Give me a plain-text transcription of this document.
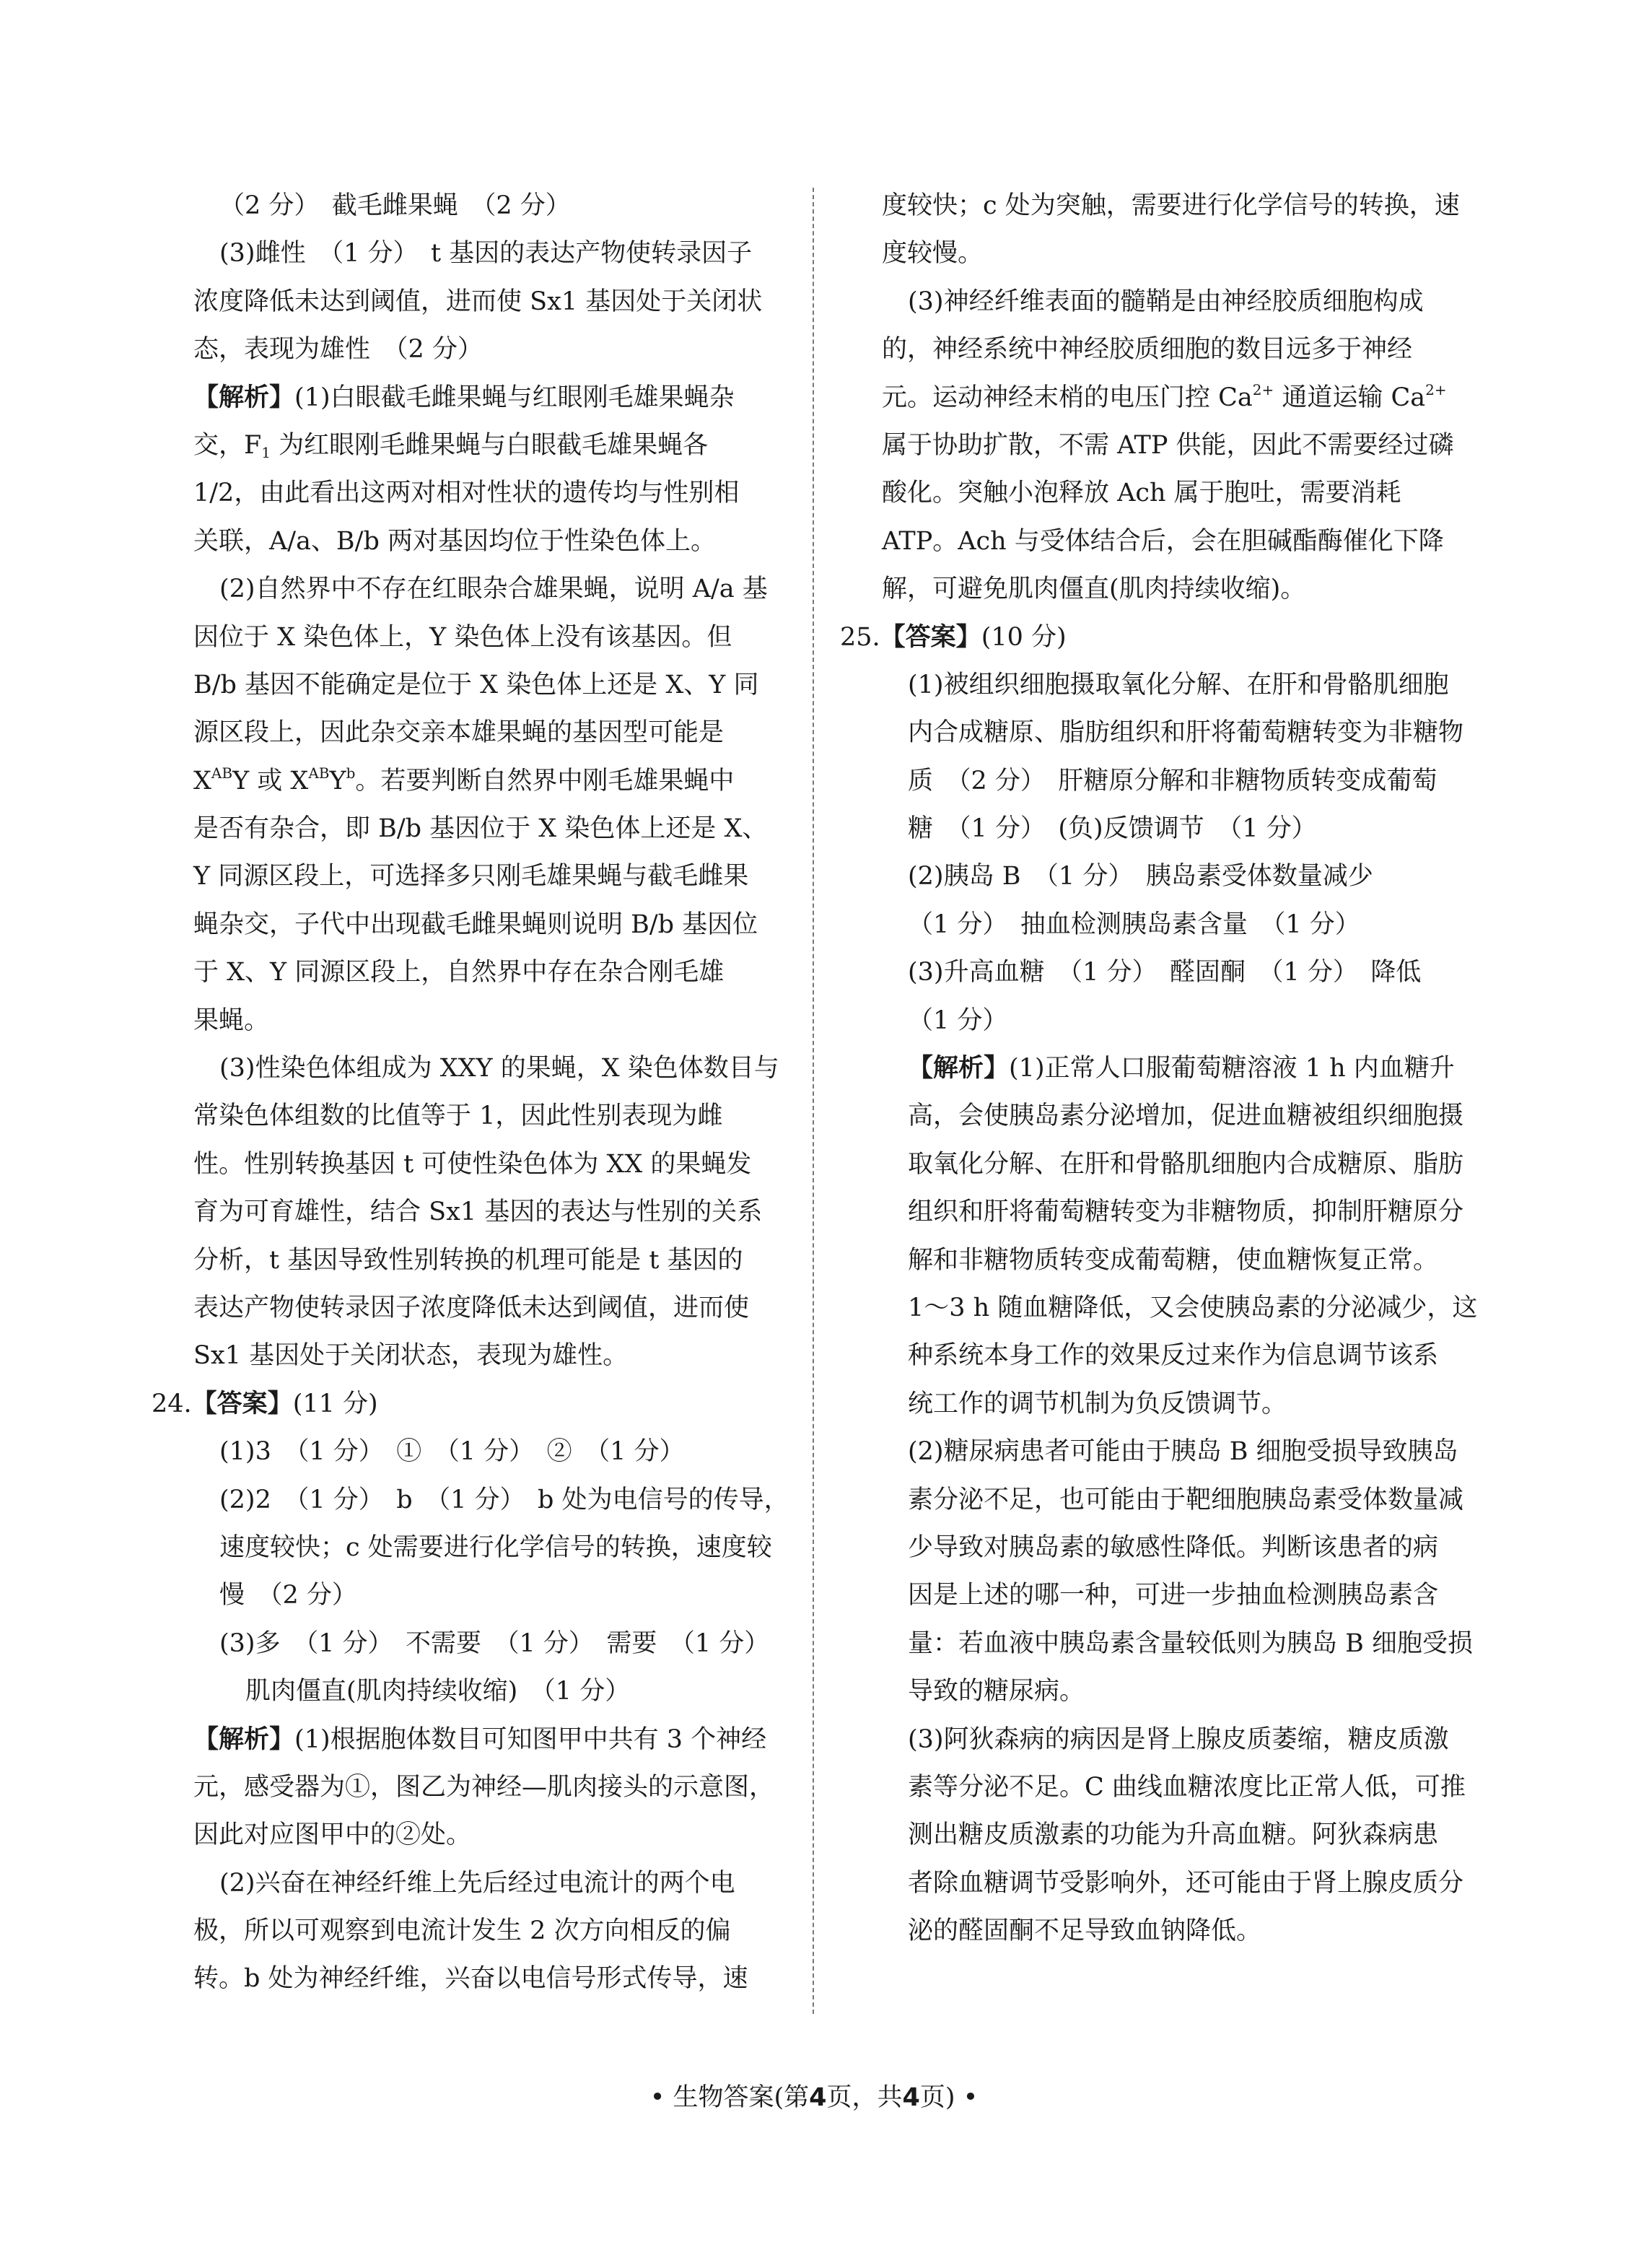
（2 分）　截毛雌果蝇　（2 分）
(3)雌性　（1 分）　t 基因的表达产物使转录因子
浓度降低未达到阈值，进而使 Sx1 基因处于关闭状
态，表现为雄性　（2 分）
【解析】(1)白眼截毛雌果蝇与红眼刚毛雄果蝇杂
交，$F_1$ 为红眼刚毛雌果蝇与白眼截毛雄果蝇各
1/2，由此看出这两对相对性状的遗传均与性别相
关联，A/a、B/b 两对基因均位于性染色体上。
(2)自然界中不存在红眼杂合雄果蝇，说明 A/a 基
因位于 X 染色体上，Y 染色体上没有该基因。但
B/b 基因不能确定是位于 X 染色体上还是 X、Y 同
源区段上，因此杂交亲本雄果蝇的基因型可能是
$X^{AB}Y$ 或 $X^{AB}Y^b$。若要判断自然界中刚毛雄果蝇中
是否有杂合，即 B/b 基因位于 X 染色体上还是 X、
Y 同源区段上，可选择多只刚毛雄果蝇与截毛雌果
蝇杂交，子代中出现截毛雌果蝇则说明 B/b 基因位
于 X、Y 同源区段上，自然界中存在杂合刚毛雄
果蝇。
(3)性染色体组成为 XXY 的果蝇，X 染色体数目与
常染色体组数的比值等于 1，因此性别表现为雌
性。性别转换基因 t 可使性染色体为 XX 的果蝇发
育为可育雄性，结合 Sx1 基因的表达与性别的关系
分析，t 基因导致性别转换的机理可能是 t 基因的
表达产物使转录因子浓度降低未达到阈值，进而使
Sx1 基因处于关闭状态，表现为雄性。
24.【答案】(11 分)
(1)3　（1 分）　①　（1 分）　②　（1 分）
(2)2　（1 分）　b　（1 分）　b 处为电信号的传导，
速度较快；c 处需要进行化学信号的转换，速度较
慢　（2 分）
(3)多　（1 分）　不需要　（1 分）　需要　（1 分）
肌肉僵直(肌肉持续收缩)　（1 分）
【解析】(1)根据胞体数目可知图甲中共有 3 个神经
元，感受器为①，图乙为神经—肌肉接头的示意图，
因此对应图甲中的②处。
(2)兴奋在神经纤维上先后经过电流计的两个电
极，所以可观察到电流计发生 2 次方向相反的偏
转。b 处为神经纤维，兴奋以电信号形式传导，速
度较快；c 处为突触，需要进行化学信号的转换，速
度较慢。
(3)神经纤维表面的髓鞘是由神经胶质细胞构成
的，神经系统中神经胶质细胞的数目远多于神经
元。运动神经末梢的电压门控 $Ca^{2+}$ 通道运输 $Ca^{2+}$
属于协助扩散，不需 ATP 供能，因此不需要经过磷
酸化。突触小泡释放 Ach 属于胞吐，需要消耗
ATP。Ach 与受体结合后，会在胆碱酯酶催化下降
解，可避免肌肉僵直(肌肉持续收缩)。
25.【答案】(10 分)
(1)被组织细胞摄取氧化分解、在肝和骨骼肌细胞
内合成糖原、脂肪组织和肝将葡萄糖转变为非糖物
质　（2 分）　肝糖原分解和非糖物质转变成葡萄
糖　（1 分）　(负)反馈调节　（1 分）
(2)胰岛 B　（1 分）　胰岛素受体数量减少
（1 分）　抽血检测胰岛素含量　（1 分）
(3)升高血糖　（1 分）　醛固酮　（1 分）　降低
（1 分）
【解析】(1)正常人口服葡萄糖溶液 1 h 内血糖升
高，会使胰岛素分泌增加，促进血糖被组织细胞摄
取氧化分解、在肝和骨骼肌细胞内合成糖原、脂肪
组织和肝将葡萄糖转变为非糖物质，抑制肝糖原分
解和非糖物质转变成葡萄糖，使血糖恢复正常。
1～3 h 随血糖降低，又会使胰岛素的分泌减少，这
种系统本身工作的效果反过来作为信息调节该系
统工作的调节机制为负反馈调节。
(2)糖尿病患者可能由于胰岛 B 细胞受损导致胰岛
素分泌不足，也可能由于靶细胞胰岛素受体数量减
少导致对胰岛素的敏感性降低。判断该患者的病
因是上述的哪一种，可进一步抽血检测胰岛素含
量：若血液中胰岛素含量较低则为胰岛 B 细胞受损
导致的糖尿病。
(3)阿狄森病的病因是肾上腺皮质萎缩，糖皮质激
素等分泌不足。C 曲线血糖浓度比正常人低，可推
测出糖皮质激素的功能为升高血糖。阿狄森病患
者除血糖调节受影响外，还可能由于肾上腺皮质分
泌的醛固酮不足导致血钠降低。
• 生物答案(第4页，共4页) •
